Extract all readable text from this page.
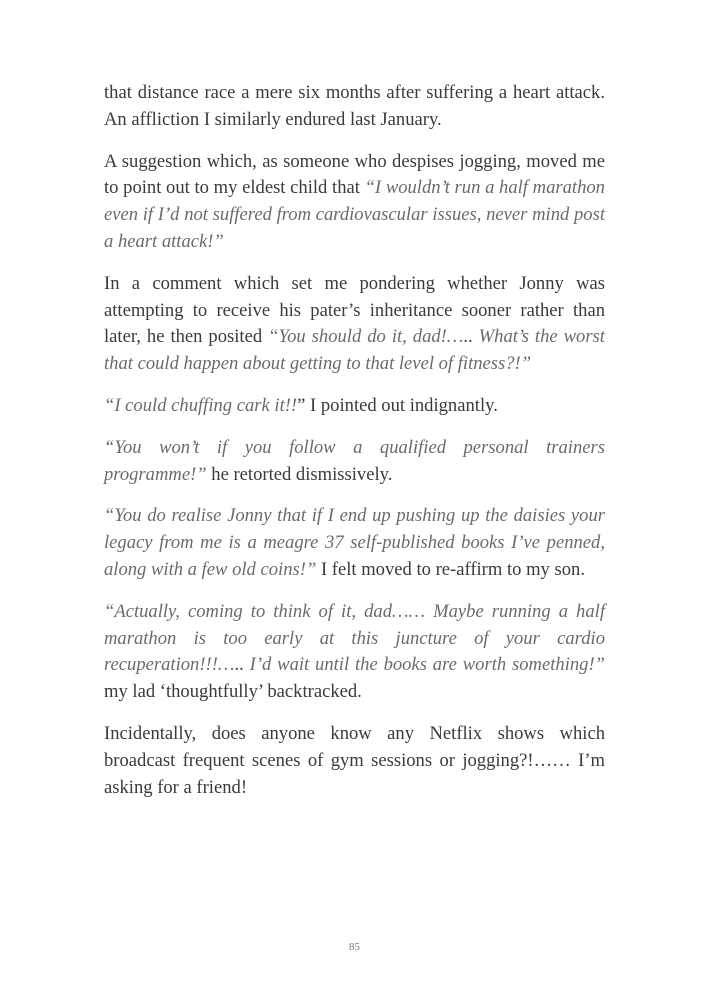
that distance race a mere six months after suffering a heart attack. An affliction I similarly endured last January.

A suggestion which, as someone who despises jogging, moved me to point out to my eldest child that “I wouldn’t run a half marathon even if I’d not suffered from cardiovascular issues, never mind post a heart attack!”

In a comment which set me pondering whether Jonny was attempting to receive his pater’s inheritance sooner rather than later, he then posited “You should do it, dad!….. What’s the worst that could happen about getting to that level of fitness?!”

“I could chuffing cark it!!” I pointed out indignantly.

“You won’t if you follow a qualified personal trainers programme!” he retorted dismissively.

“You do realise Jonny that if I end up pushing up the daisies your legacy from me is a meagre 37 self-published books I’ve penned, along with a few old coins!” I felt moved to re-affirm to my son.

“Actually, coming to think of it, dad…… Maybe running a half marathon is too early at this juncture of your cardio recuperation!!!….. I’d wait until the books are worth something!” my lad ‘thoughtfully’ backtracked.

Incidentally, does anyone know any Netflix shows which broadcast frequent scenes of gym sessions or jogging?!…… I’m asking for a friend!

85
